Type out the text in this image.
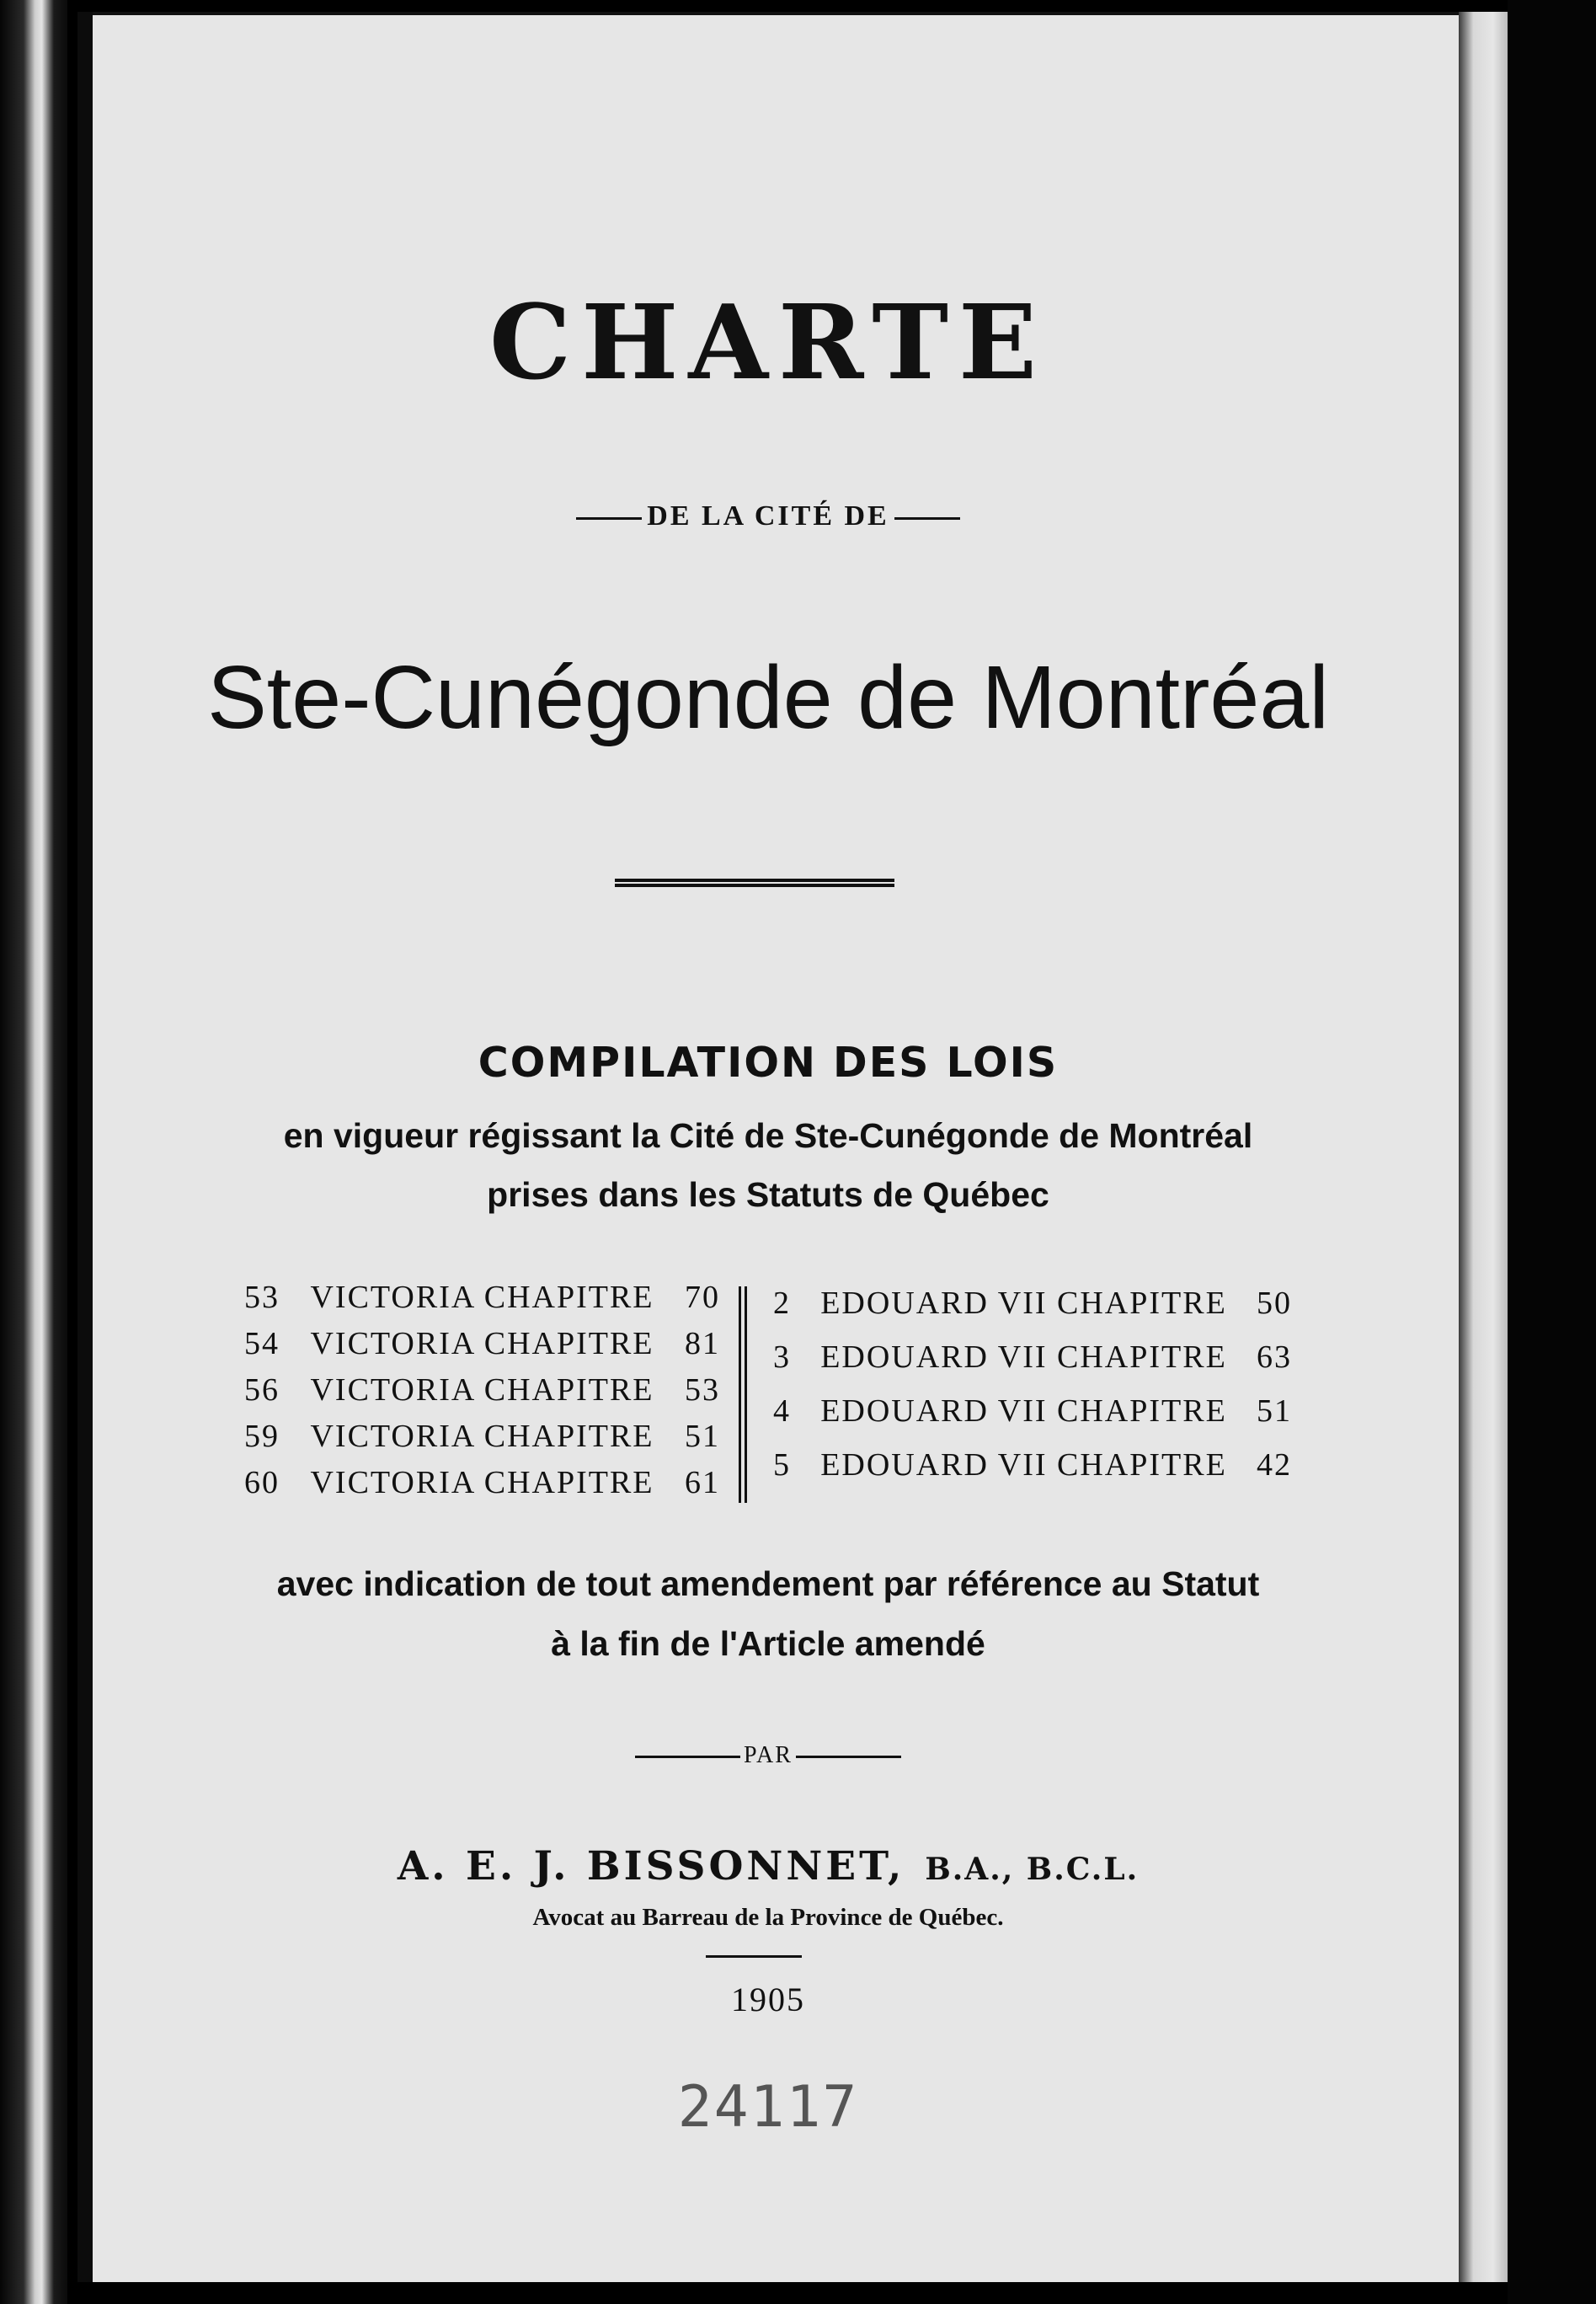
CHARTE
DE LA CITÉ DE
Ste-Cunégonde de Montréal
COMPILATION DES LOIS
en vigueur régissant la Cité de Ste-Cunégonde de Montréal
prises dans les Statuts de Québec
53 VICTORIA CHAPITRE 70
54 VICTORIA CHAPITRE 81
56 VICTORIA CHAPITRE 53
59 VICTORIA CHAPITRE 51
60 VICTORIA CHAPITRE 61
2 EDOUARD VII CHAPITRE 50
3 EDOUARD VII CHAPITRE 63
4 EDOUARD VII CHAPITRE 51
5 EDOUARD VII CHAPITRE 42
avec indication de tout amendement par référence au Statut
à la fin de l'Article amendé
PAR
A. E. J. BISSONNET, B.A., B.C.L.
Avocat au Barreau de la Province de Québec.
1905
24117
